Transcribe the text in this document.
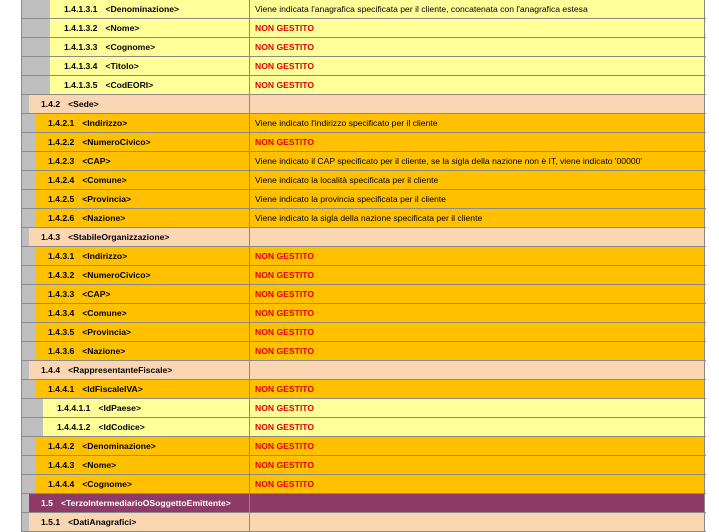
1.4.1.3.1 <Denominazione>	Viene indicata l'anagrafica specificata per il cliente, concatenata con l'anagrafica estesa
1.4.1.3.2 <Nome>	NON GESTITO
1.4.1.3.3 <Cognome>	NON GESTITO
1.4.1.3.4 <Titolo>	NON GESTITO
1.4.1.3.5 <CodEORI>	NON GESTITO
1.4.2 <Sede>
1.4.2.1 <Indirizzo>	Viene indicato l'indirizzo specificato per il cliente
1.4.2.2 <NumeroCivico>	NON GESTITO
1.4.2.3 <CAP>	Viene indicato il CAP specificato per il cliente, se la sigla della nazione non è IT, viene indicato '00000'
1.4.2.4 <Comune>	Viene indicato la località specificata per il cliente
1.4.2.5 <Provincia>	Viene indicato la provincia specificata per il cliente
1.4.2.6 <Nazione>	Viene indicato la sigla della nazione specificata per il cliente
1.4.3 <StabileOrganizzazione>
1.4.3.1 <Indirizzo>	NON GESTITO
1.4.3.2 <NumeroCivico>	NON GESTITO
1.4.3.3 <CAP>	NON GESTITO
1.4.3.4 <Comune>	NON GESTITO
1.4.3.5 <Provincia>	NON GESTITO
1.4.3.6 <Nazione>	NON GESTITO
1.4.4 <RappresentanteFiscale>
1.4.4.1 <IdFiscaleIVA>	NON GESTITO
1.4.4.1.1 <IdPaese>	NON GESTITO
1.4.4.1.2 <IdCodice>	NON GESTITO
1.4.4.2 <Denominazione>	NON GESTITO
1.4.4.3 <Nome>	NON GESTITO
1.4.4.4 <Cognome>	NON GESTITO
1.5 <TerzoIntermediarioOSoggettoEmittente>
1.5.1 <DatiAnagrafici>
